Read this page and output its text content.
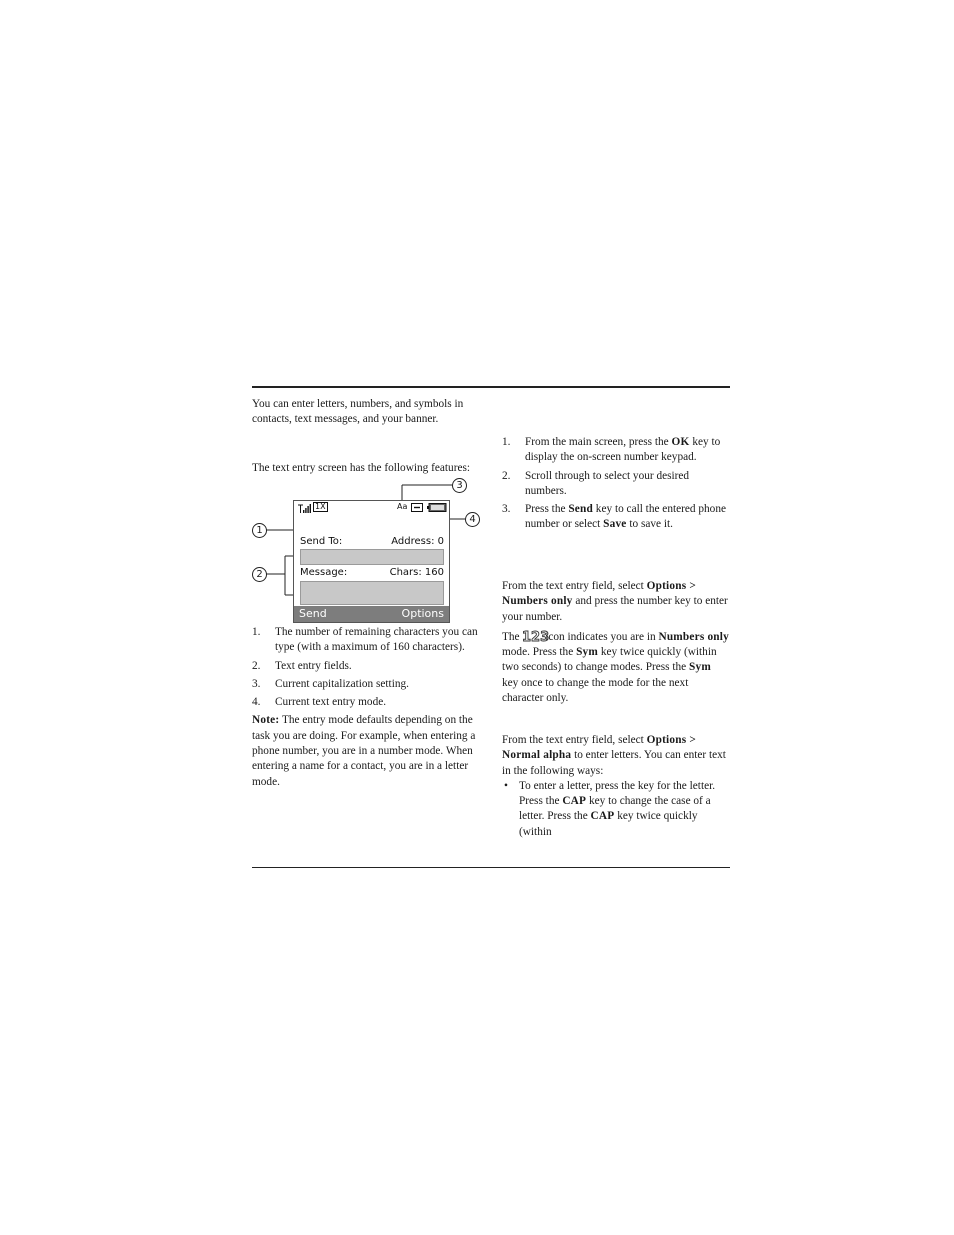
You can enter letters, numbers, and symbols in contacts, text messages, and your banner.

The text entry screen has the following features:

1X	Aa
Send To:	Address: 0
Message:	Chars: 160
Send	Options
1
2
3
4
1. The number of remaining characters you can type (with a maximum of 160 characters).
2. Text entry fields.
3. Current capitalization setting.
4. Current text entry mode.

Note: The entry mode defaults depending on the task you are doing. For example, when entering a phone number, you are in a number mode. When entering a name for a contact, you are in a letter mode.

1. From the main screen, press the OK key to display the on-screen number keypad.
2. Scroll through to select your desired numbers.
3. Press the Send key to call the entered phone number or select Save to save it.

From the text entry field, select Options > Numbers only and press the number key to enter your number.

The 123
icon indicates you are in Numbers only mode. Press the Sym key twice quickly (within two seconds) to change modes. Press the Sym key once to change the mode for the next character only.

From the text entry field, select Options > Normal alpha to enter letters. You can enter text in the following ways:

• To enter a letter, press the key for the letter. Press the CAP key to change the case of a letter. Press the CAP key twice quickly (within
